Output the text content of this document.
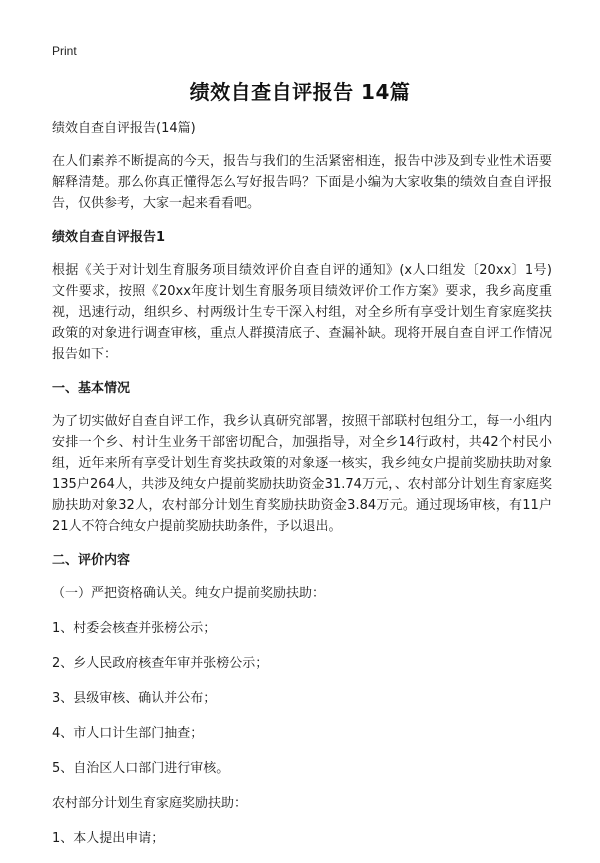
Print
绩效自查自评报告 14篇

绩效自查自评报告(14篇)

在人们素养不断提高的今天，报告与我们的生活紧密相连，报告中涉及到专业性术语要解释清楚。那么你真正懂得怎么写好报告吗？下面是小编为大家收集的绩效自查自评报告，仅供参考，大家一起来看看吧。

绩效自查自评报告1

根据《关于对计划生育服务项目绩效评价自查自评的通知》(x人口组发〔20xx〕1号)文件要求，按照《20xx年度计划生育服务项目绩效评价工作方案》要求，我乡高度重视，迅速行动，组织乡、村两级计生专干深入村组，对全乡所有享受计划生育家庭奖扶政策的对象进行调查审核，重点人群摸清底子、查漏补缺。现将开展自查自评工作情况报告如下：

一、基本情况

为了切实做好自查自评工作，我乡认真研究部署，按照干部联村包组分工，每一小组内安排一个乡、村计生业务干部密切配合，加强指导，对全乡14行政村，共42个村民小组，近年来所有享受计划生育奖扶政策的对象逐一核实，我乡纯女户提前奖励扶助对象135户264人，共涉及纯女户提前奖励扶助资金31.74万元，、农村部分计划生育家庭奖励扶助对象32人，农村部分计划生育奖励扶助资金3.84万元。通过现场审核，有11户21人不符合纯女户提前奖励扶助条件，予以退出。

二、评价内容

（一）严把资格确认关。纯女户提前奖励扶助：

1、村委会核查并张榜公示；

2、乡人民政府核查年审并张榜公示；

3、县级审核、确认并公布；

4、市人口计生部门抽查；

5、自治区人口部门进行审核。

农村部分计划生育家庭奖励扶助：

1、本人提出申请；
